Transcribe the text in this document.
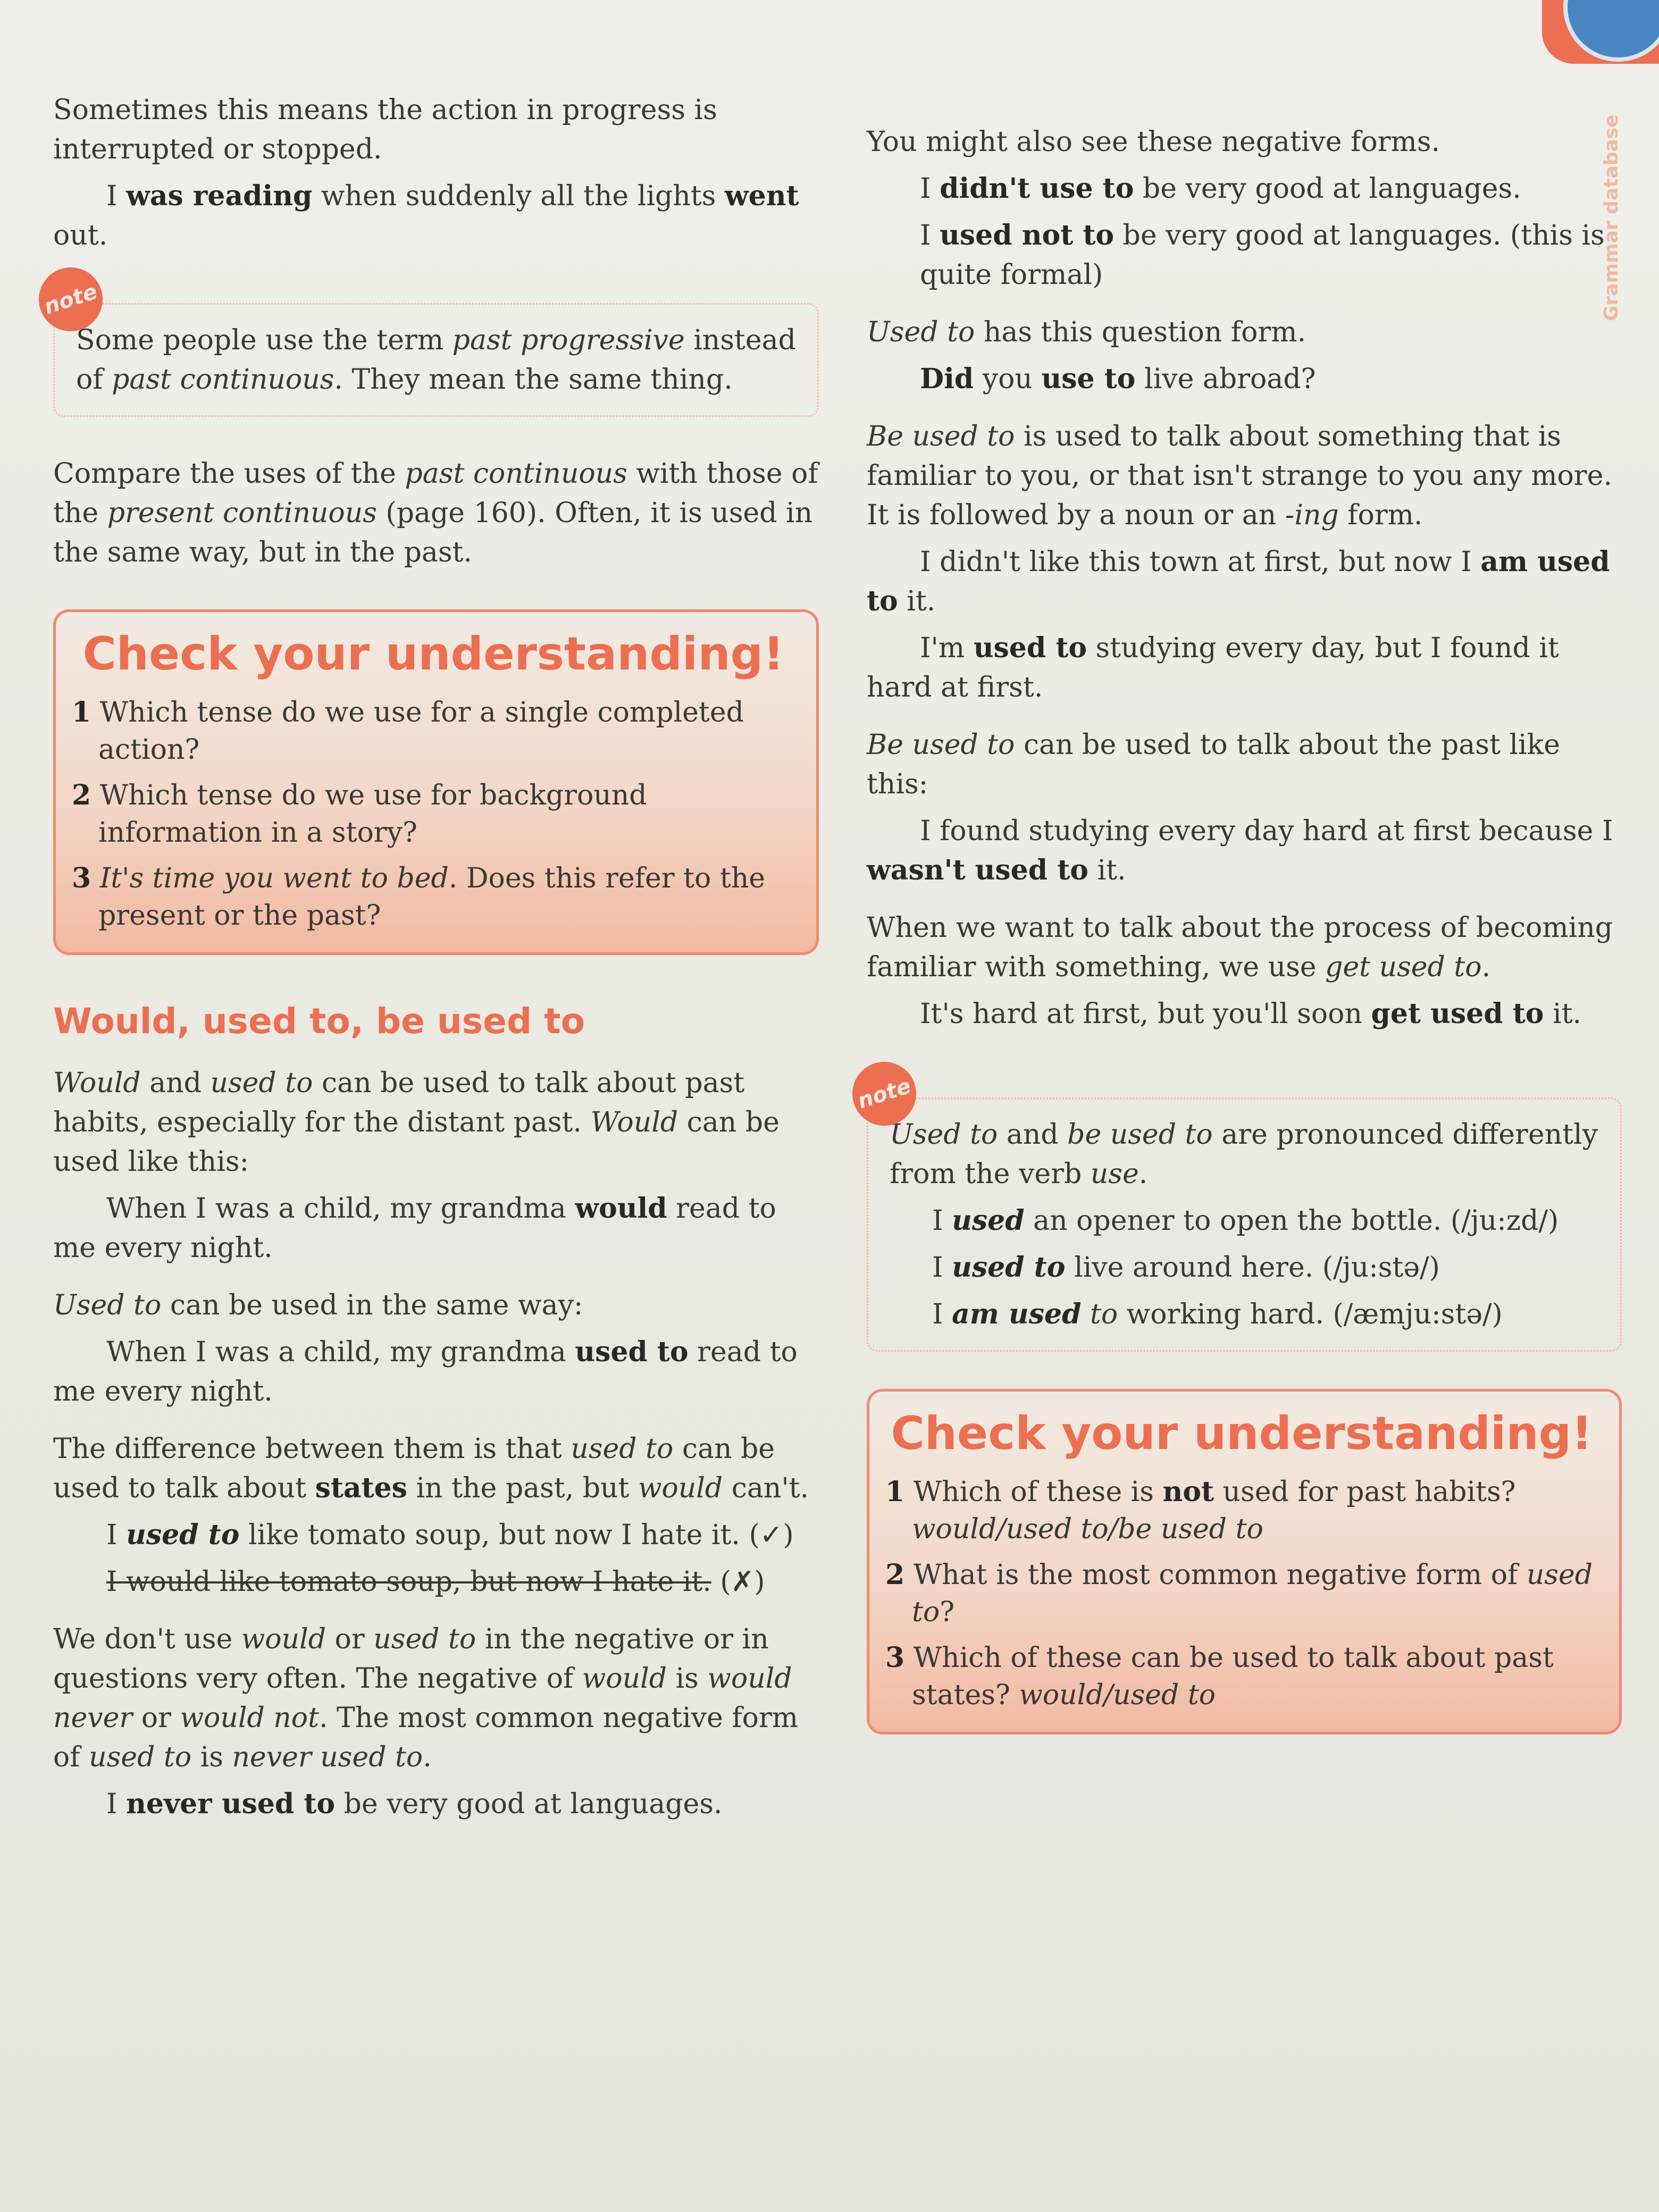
Grammar database

Sometimes this means the action in progress is interrupted or stopped.

I was reading when suddenly all the lights went out.

note

Some people use the term past progressive instead of past continuous. They mean the same thing.

Compare the uses of the past continuous with those of the present continuous (page 160). Often, it is used in the same way, but in the past.

Check your understanding!

1 Which tense do we use for a single completed action?

2 Which tense do we use for background information in a story?

3 It's time you went to bed. Does this refer to the present or the past?

Would, used to, be used to

Would and used to can be used to talk about past habits, especially for the distant past. Would can be used like this:

When I was a child, my grandma would read to me every night.

Used to can be used in the same way:

When I was a child, my grandma used to read to me every night.

The difference between them is that used to can be used to talk about states in the past, but would can't.

I used to like tomato soup, but now I hate it. (✓)

I would like tomato soup, but now I hate it. (✗)

We don't use would or used to in the negative or in questions very often. The negative of would is would never or would not. The most common negative form of used to is never used to.

I never used to be very good at languages.

You might also see these negative forms.

I didn't use to be very good at languages.

I used not to be very good at languages. (this is quite formal)

Used to has this question form.

Did you use to live abroad?

Be used to is used to talk about something that is familiar to you, or that isn't strange to you any more. It is followed by a noun or an -ing form.

I didn't like this town at first, but now I am used to it.

I'm used to studying every day, but I found it hard at first.

Be used to can be used to talk about the past like this:

I found studying every day hard at first because I wasn't used to it.

When we want to talk about the process of becoming familiar with something, we use get used to.

It's hard at first, but you'll soon get used to it.

note

Used to and be used to are pronounced differently from the verb use.

I used an opener to open the bottle. (/ju:zd/)

I used to live around here. (/ju:stə/)

I am used to working hard. (/æmju:stə/)

Check your understanding!

1 Which of these is not used for past habits? would/used to/be used to

2 What is the most common negative form of used to?

3 Which of these can be used to talk about past states? would/used to
